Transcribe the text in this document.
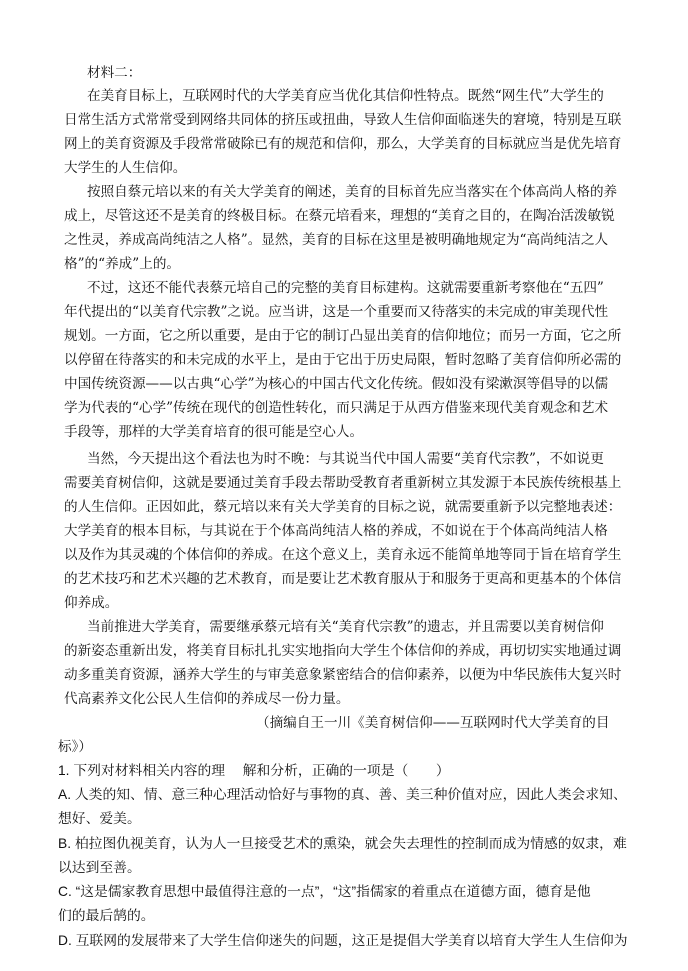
材料二：
在美育目标上，互联网时代的大学美育应当优化其信仰性特点。既然“网生代”大学生的
日常生活方式常常受到网络共同体的挤压或扭曲，导致人生信仰面临迷失的窘境，特别是互联
网上的美育资源及手段常常破除已有的规范和信仰，那么，大学美育的目标就应当是优先培育
大学生的人生信仰。
按照自蔡元培以来的有关大学美育的阐述，美育的目标首先应当落实在个体高尚人格的养
成上，尽管这还不是美育的终极目标。在蔡元培看来，理想的“美育之目的，在陶冶活泼敏锐
之性灵，养成高尚纯洁之人格”。显然，美育的目标在这里是被明确地规定为“高尚纯洁之人
格”的“养成”上的。
不过，这还不能代表蔡元培自己的完整的美育目标建构。这就需要重新考察他在“五四”
年代提出的“以美育代宗教”之说。应当讲，这是一个重要而又待落实的未完成的审美现代性
规划。一方面，它之所以重要，是由于它的制订凸显出美育的信仰地位；而另一方面，它之所
以停留在待落实的和未完成的水平上，是由于它出于历史局限，暂时忽略了美育信仰所必需的
中国传统资源——以古典“心学”为核心的中国古代文化传统。假如没有梁漱溟等倡导的以儒
学为代表的“心学”传统在现代的创造性转化，而只满足于从西方借鉴来现代美育观念和艺术
手段等，那样的大学美育培育的很可能是空心人。
当然，今天提出这个看法也为时不晚：与其说当代中国人需要“美育代宗教”，不如说更
需要美育树信仰，这就是要通过美育手段去帮助受教育者重新树立其发源于本民族传统根基上
的人生信仰。正因如此，蔡元培以来有关大学美育的目标之说，就需要重新予以完整地表述：
大学美育的根本目标，与其说在于个体高尚纯洁人格的养成，不如说在于个体高尚纯洁人格
以及作为其灵魂的个体信仰的养成。在这个意义上，美育永远不能简单地等同于旨在培育学生
的艺术技巧和艺术兴趣的艺术教育，而是要让艺术教育服从于和服务于更高和更基本的个体信
仰养成。
当前推进大学美育，需要继承蔡元培有关“美育代宗教”的遗志，并且需要以美育树信仰
的新姿态重新出发，将美育目标扎扎实实地指向大学生个体信仰的养成，再切切实实地通过调
动多重美育资源，涵养大学生的与审美意象紧密结合的信仰素养，以便为中华民族伟大复兴时
代高素养文化公民人生信仰的养成尽一份力量。
（摘编自王一川《美育树信仰——互联网时代大学美育的目
标》）
1. 下列对材料相关内容的理　 解和分析，正确的一项是（　　）
A. 人类的知、情、意三种心理活动恰好与事物的真、善、美三种价值对应，因此人类会求知、
想好、爱美。
B. 柏拉图仇视美育，认为人一旦接受艺术的熏染，就会失去理性的控制而成为情感的奴隶，难
以达到至善。
C. “这是儒家教育思想中最值得注意的一点”，“这”指儒家的着重点在道德方面，德育是他
们的最后鹄的。
D. 互联网的发展带来了大学生信仰迷失的问题，这正是提倡大学美育以培育大学生人生信仰为
